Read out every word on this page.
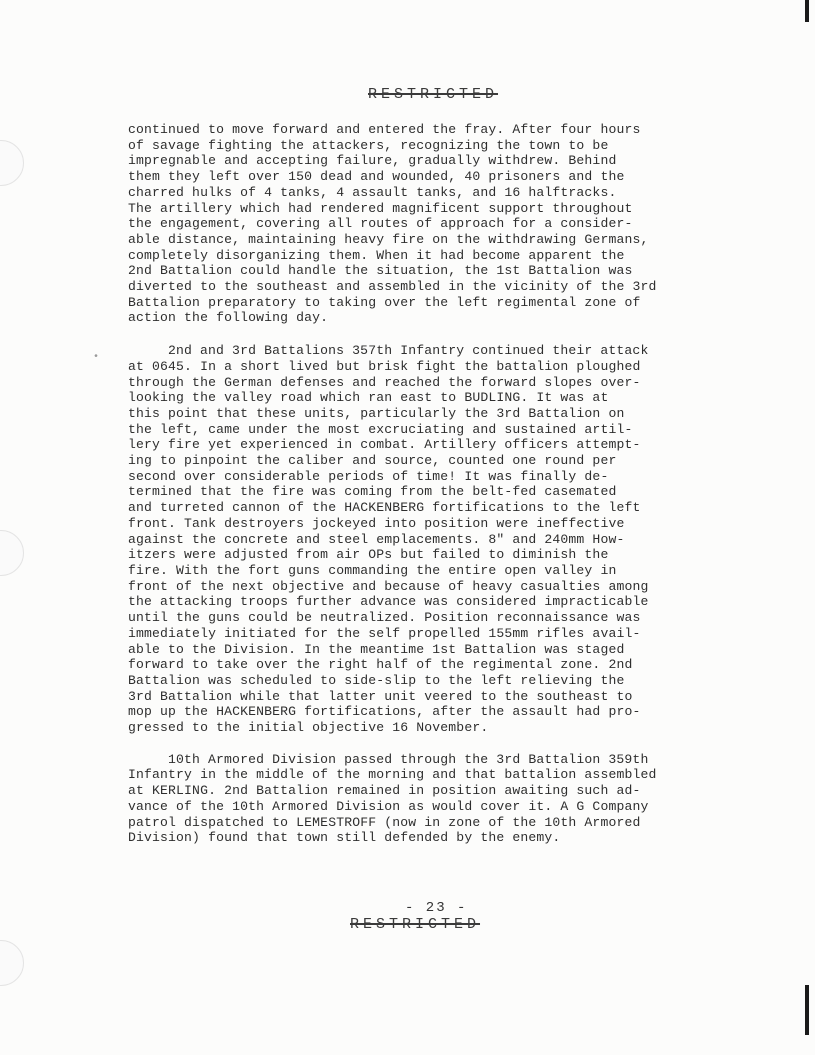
•
RESTRICTED

continued to move forward and entered the fray. After four hours
of savage fighting the attackers, recognizing the town to be
impregnable and accepting failure, gradually withdrew. Behind
them they left over 150 dead and wounded, 40 prisoners and the
charred hulks of 4 tanks, 4 assault tanks, and 16 halftracks.
The artillery which had rendered magnificent support throughout
the engagement, covering all routes of approach for a consider-
able distance, maintaining heavy fire on the withdrawing Germans,
completely disorganizing them. When it had become apparent the
2nd Battalion could handle the situation, the 1st Battalion was
diverted to the southeast and assembled in the vicinity of the 3rd
Battalion preparatory to taking over the left regimental zone of
action the following day.

2nd and 3rd Battalions 357th Infantry continued their attack
at 0645. In a short lived but brisk fight the battalion ploughed
through the German defenses and reached the forward slopes over-
looking the valley road which ran east to BUDLING. It was at
this point that these units, particularly the 3rd Battalion on
the left, came under the most excruciating and sustained artil-
lery fire yet experienced in combat. Artillery officers attempt-
ing to pinpoint the caliber and source, counted one round per
second over considerable periods of time! It was finally de-
termined that the fire was coming from the belt-fed casemated
and turreted cannon of the HACKENBERG fortifications to the left
front. Tank destroyers jockeyed into position were ineffective
against the concrete and steel emplacements. 8" and 240mm How-
itzers were adjusted from air OPs but failed to diminish the
fire. With the fort guns commanding the entire open valley in
front of the next objective and because of heavy casualties among
the attacking troops further advance was considered impracticable
until the guns could be neutralized. Position reconnaissance was
immediately initiated for the self propelled 155mm rifles avail-
able to the Division. In the meantime 1st Battalion was staged
forward to take over the right half of the regimental zone. 2nd
Battalion was scheduled to side-slip to the left relieving the
3rd Battalion while that latter unit veered to the southeast to
mop up the HACKENBERG fortifications, after the assault had pro-
gressed to the initial objective 16 November.

10th Armored Division passed through the 3rd Battalion 359th
Infantry in the middle of the morning and that battalion assembled
at KERLING. 2nd Battalion remained in position awaiting such ad-
vance of the 10th Armored Division as would cover it. A G Company
patrol dispatched to LEMESTROFF (now in zone of the 10th Armored
Division) found that town still defended by the enemy.

- 23 -
RESTRICTED
